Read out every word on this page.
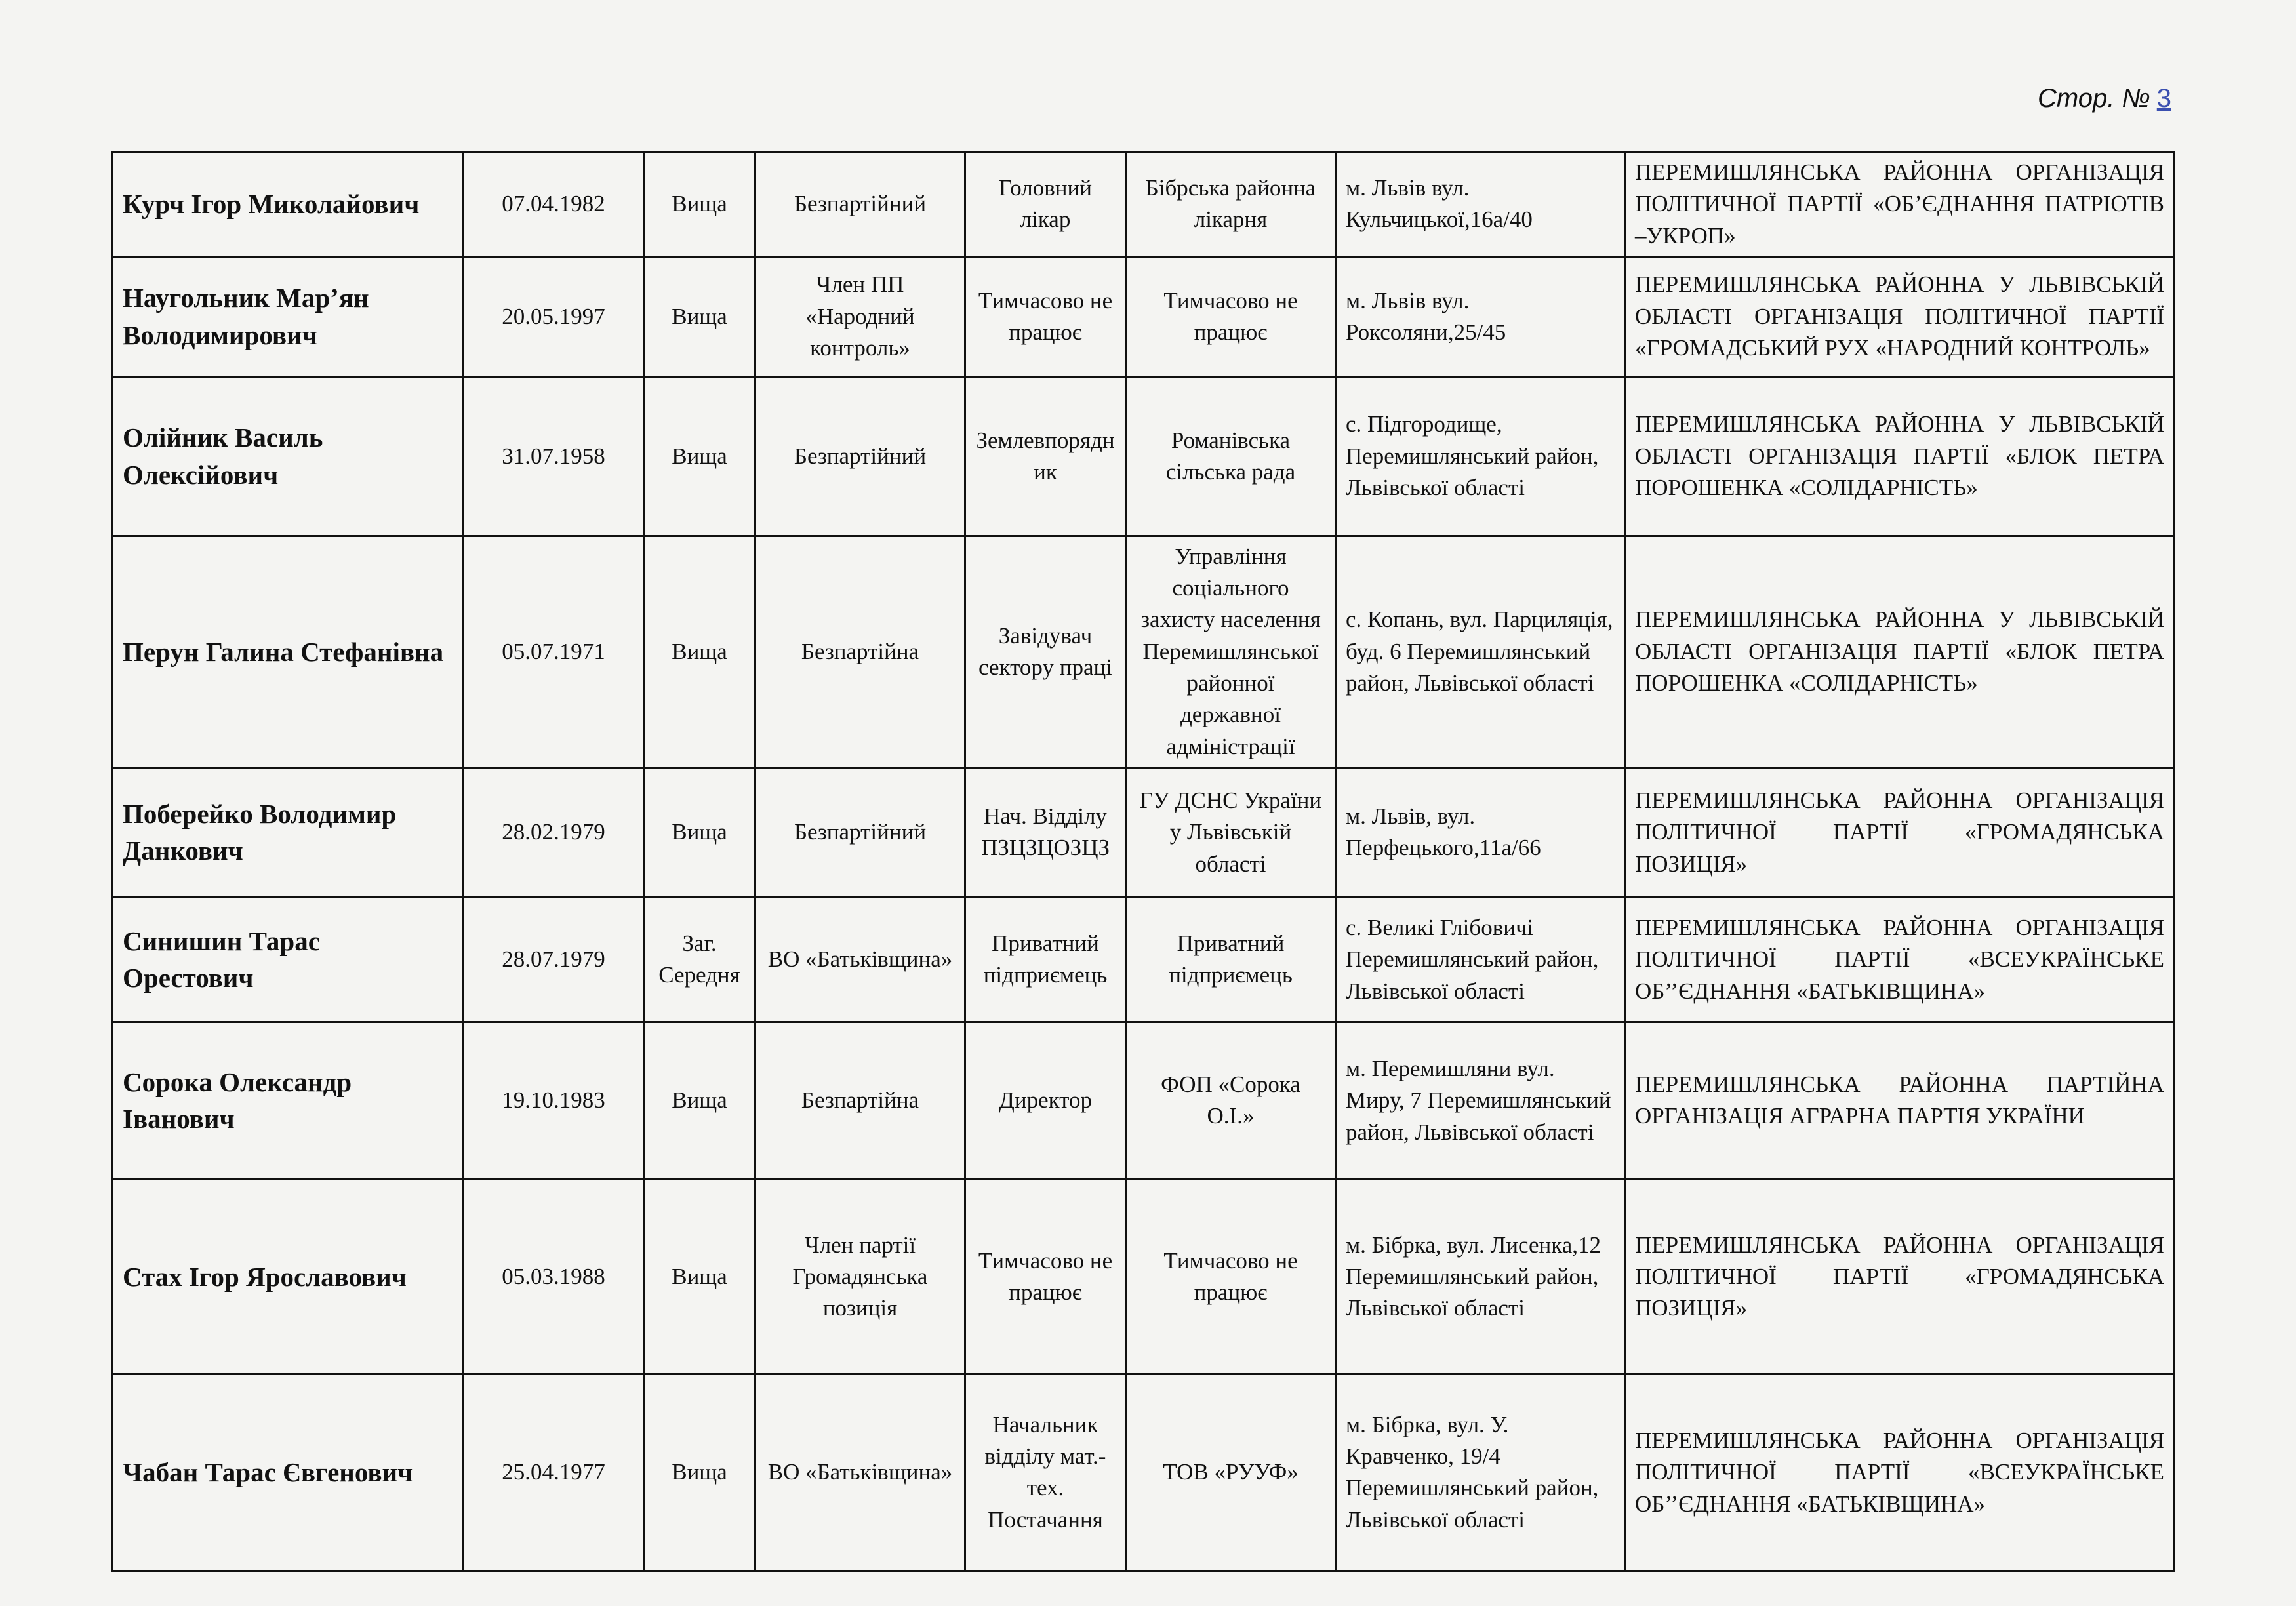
Стор. № 3
Курч Ігор Миколайович	07.04.1982	Вища	Безпартійний	Головний лікар	Бібрська районна лікарня	м. Львів вул. Кульчицької,16а/40	ПЕРЕМИШЛЯНСЬКА РАЙОННА ОРГАНІЗАЦІЯ ПОЛІТИЧНОЇ ПАРТІЇ «ОБ’ЄДНАННЯ ПАТРІОТІВ –УКРОП»
Наугольник Мар’ян Володимирович	20.05.1997	Вища	Член ПП «Народний контроль»	Тимчасово не працює	Тимчасово не працює	м. Львів вул. Роксоляни,25/45	ПЕРЕМИШЛЯНСЬКА РАЙОННА У ЛЬВІВСЬКІЙ ОБЛАСТІ ОРГАНІЗАЦІЯ ПОЛІТИЧНОЇ ПАРТІЇ «ГРОМАДСЬКИЙ РУХ «НАРОДНИЙ КОНТРОЛЬ»
Олійник Василь Олексійович	31.07.1958	Вища	Безпартійний	Землевпорядник	Романівська сільська рада	с. Підгородище, Перемишлянський район, Львівської області	ПЕРЕМИШЛЯНСЬКА РАЙОННА У ЛЬВІВСЬКІЙ ОБЛАСТІ ОРГАНІЗАЦІЯ ПАРТІЇ «БЛОК ПЕТРА ПОРОШЕНКА «СОЛІДАРНІСТЬ»
Перун Галина Стефанівна	05.07.1971	Вища	Безпартійна	Завідувач сектору праці	Управління соціального захисту населення Перемишлянської районної державної адміністрації	с. Копань, вул. Парциляція, буд. 6 Перемишлянський район, Львівської області	ПЕРЕМИШЛЯНСЬКА РАЙОННА У ЛЬВІВСЬКІЙ ОБЛАСТІ ОРГАНІЗАЦІЯ ПАРТІЇ «БЛОК ПЕТРА ПОРОШЕНКА «СОЛІДАРНІСТЬ»
Поберейко Володимир Данкович	28.02.1979	Вища	Безпартійний	Нач. Відділу ПЗЦЗЦОЗЦЗ	ГУ ДСНС України у Львівській області	м. Львів, вул. Перфецького,11а/66	ПЕРЕМИШЛЯНСЬКА РАЙОННА ОРГАНІЗАЦІЯ ПОЛІТИЧНОЇ ПАРТІЇ «ГРОМАДЯНСЬКА ПОЗИЦІЯ»
Синишин Тарас Орестович	28.07.1979	Заг. Середня	ВО «Батьківщина»	Приватний підприємець	Приватний підприємець	с. Великі Глібовичі Перемишлянський район, Львівської області	ПЕРЕМИШЛЯНСЬКА РАЙОННА ОРГАНІЗАЦІЯ ПОЛІТИЧНОЇ ПАРТІЇ «ВСЕУКРАЇНСЬКЕ ОБ’’ЄДНАННЯ «БАТЬКІВЩИНА»
Сорока Олександр Іванович	19.10.1983	Вища	Безпартійна	Директор	ФОП «Сорока О.І.»	м. Перемишляни вул. Миру, 7 Перемишлянський район, Львівської області	ПЕРЕМИШЛЯНСЬКА РАЙОННА ПАРТІЙНА ОРГАНІЗАЦІЯ АГРАРНА ПАРТІЯ УКРАЇНИ
Стах Ігор Ярославович	05.03.1988	Вища	Член партії Громадянська позиція	Тимчасово не працює	Тимчасово не працює	м. Бібрка, вул. Лисенка,12 Перемишлянський район, Львівської області	ПЕРЕМИШЛЯНСЬКА РАЙОННА ОРГАНІЗАЦІЯ ПОЛІТИЧНОЇ ПАРТІЇ «ГРОМАДЯНСЬКА ПОЗИЦІЯ»
Чабан Тарас Євгенович	25.04.1977	Вища	ВО «Батьківщина»	Начальник відділу мат.-тех. Постачання	ТОВ «РУУФ»	м. Бібрка, вул. У. Кравченко, 19/4 Перемишлянський район, Львівської області	ПЕРЕМИШЛЯНСЬКА РАЙОННА ОРГАНІЗАЦІЯ ПОЛІТИЧНОЇ ПАРТІЇ «ВСЕУКРАЇНСЬКЕ ОБ’’ЄДНАННЯ «БАТЬКІВЩИНА»
